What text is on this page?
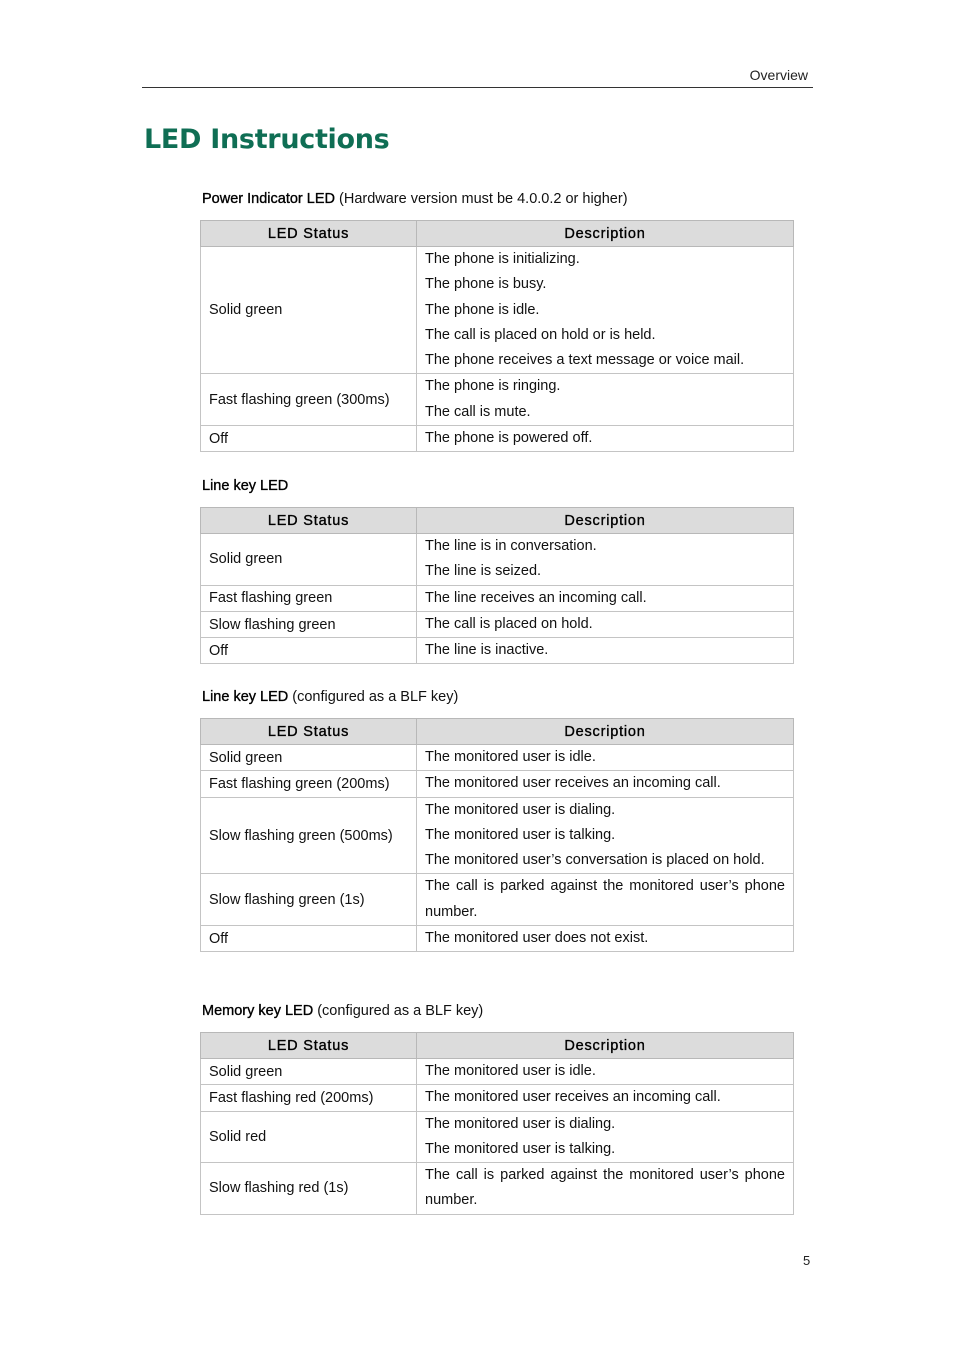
Overview
LED Instructions
Power Indicator LED (Hardware version must be 4.0.0.2 or higher)
LED Status	Description
Solid green	The phone is initializing.
The phone is busy.
The phone is idle.
The call is placed on hold or is held.
The phone receives a text message or voice mail.

Fast flashing green (300ms)	The phone is ringing.
The call is mute.

Off	The phone is powered off.
Line key LED
LED Status	Description
Solid green	The line is in conversation.
The line is seized.

Fast flashing green	The line receives an incoming call.

Slow flashing green	The call is placed on hold.

Off	The line is inactive.
Line key LED (configured as a BLF key)
LED Status	Description
Solid green	The monitored user is idle.

Fast flashing green (200ms)	The monitored user receives an incoming call.

Slow flashing green (500ms)	The monitored user is dialing.
The monitored user is talking.
The monitored user’s conversation is placed on hold.

Slow flashing green (1s)	The call is parked against the monitored user’s phone number.

Off	The monitored user does not exist.
Memory key LED (configured as a BLF key)
LED Status	Description
Solid green	The monitored user is idle.

Fast flashing red (200ms)	The monitored user receives an incoming call.

Solid red	The monitored user is dialing.
The monitored user is talking.

Slow flashing red (1s)	The call is parked against the monitored user’s phone number.
5
